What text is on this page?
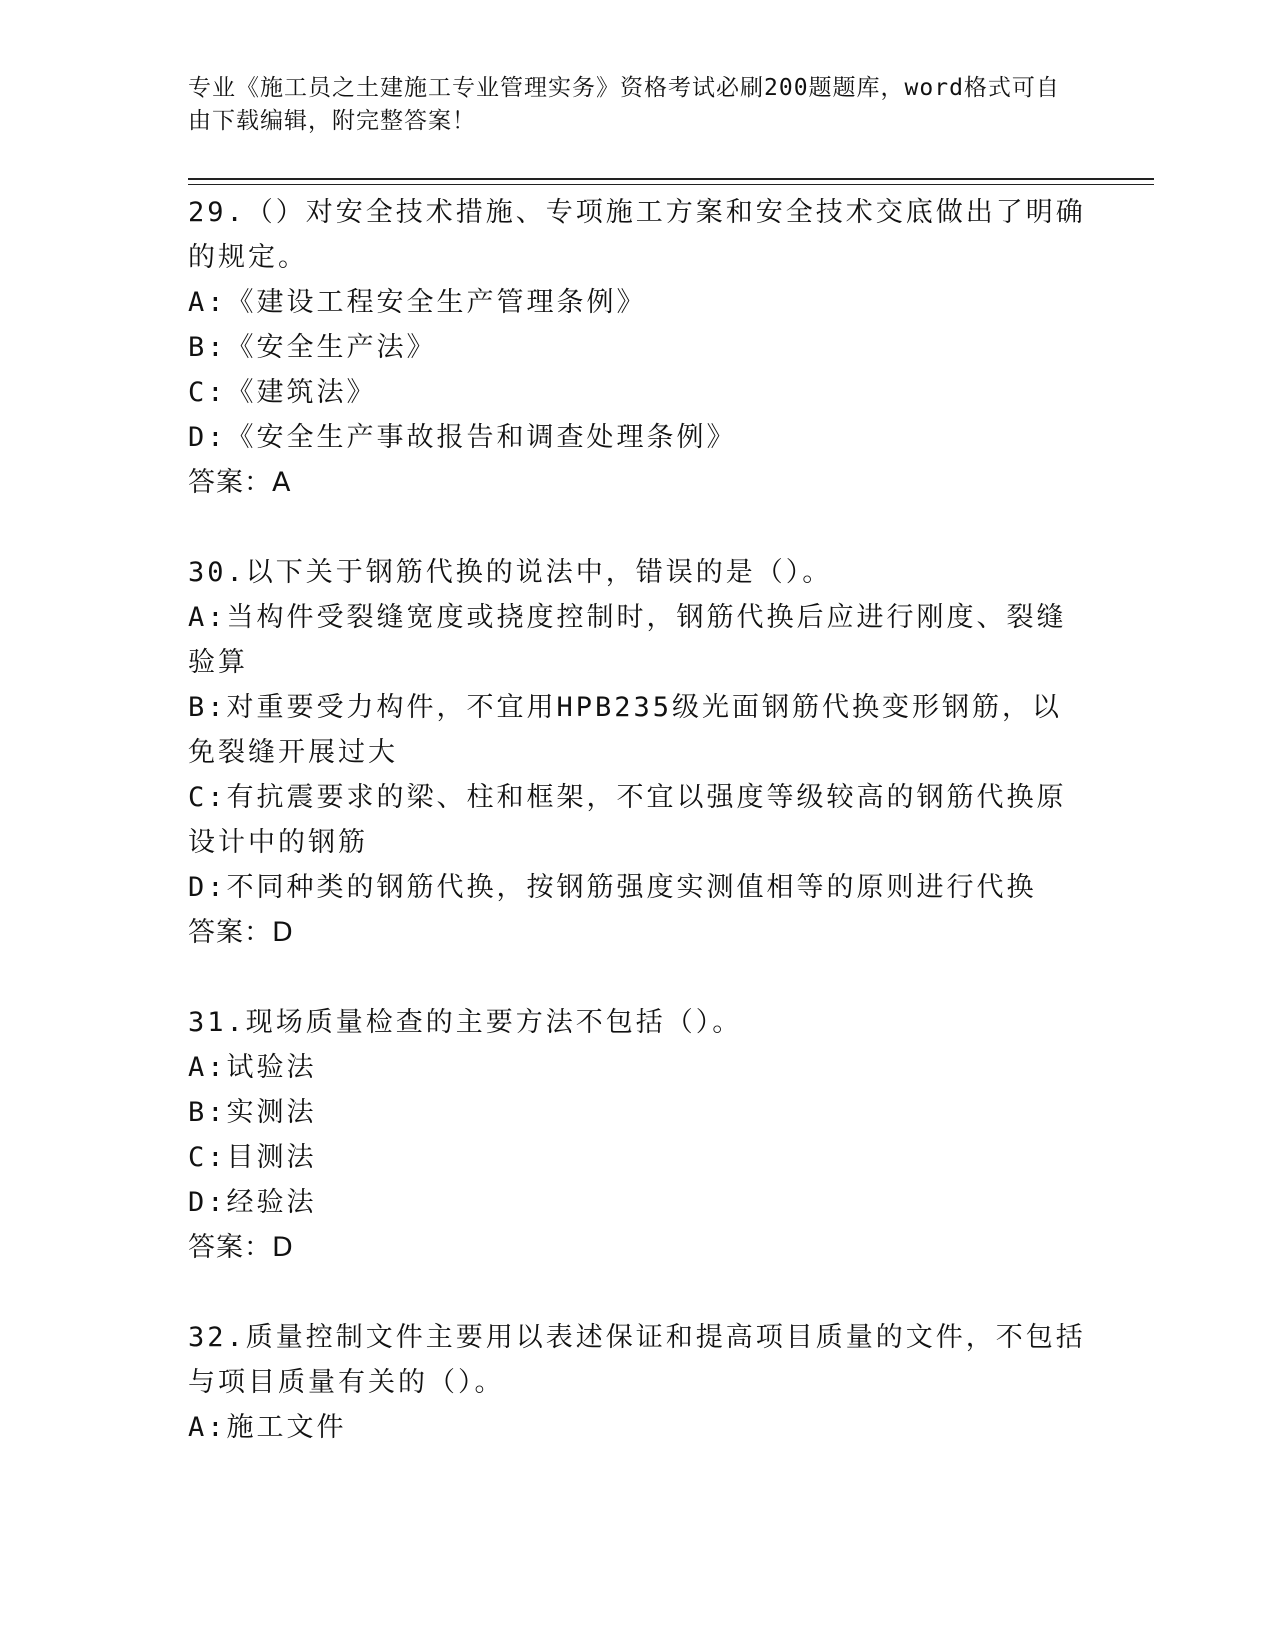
专业《施工员之土建施工专业管理实务》资格考试必刷200题题库，word格式可自由下载编辑，附完整答案！
29.（）对安全技术措施、专项施工方案和安全技术交底做出了明确的规定。
A:《建设工程安全生产管理条例》
B:《安全生产法》
C:《建筑法》
D:《安全生产事故报告和调查处理条例》
答案：A
30.以下关于钢筋代换的说法中，错误的是（）。
A:当构件受裂缝宽度或挠度控制时，钢筋代换后应进行刚度、裂缝验算
B:对重要受力构件，不宜用HPB235级光面钢筋代换变形钢筋，以免裂缝开展过大
C:有抗震要求的梁、柱和框架，不宜以强度等级较高的钢筋代换原设计中的钢筋
D:不同种类的钢筋代换，按钢筋强度实测值相等的原则进行代换
答案：D
31.现场质量检查的主要方法不包括（）。
A:试验法
B:实测法
C:目测法
D:经验法
答案：D
32.质量控制文件主要用以表述保证和提高项目质量的文件，不包括与项目质量有关的（）。
A:施工文件
